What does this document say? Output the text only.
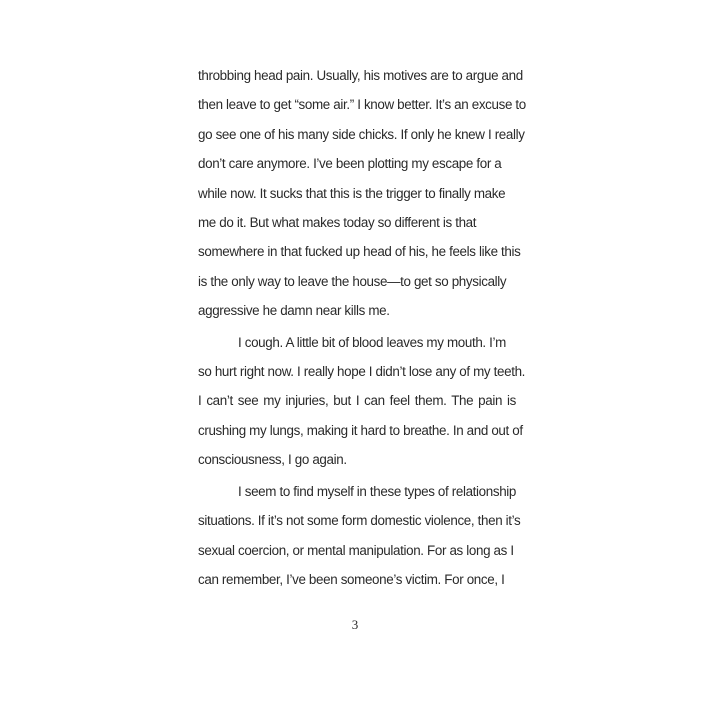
throbbing head pain. Usually, his motives are to argue and
then leave to get “some air.” I know better. It’s an excuse to
go see one of his many side chicks. If only he knew I really
don’t care anymore. I’ve been plotting my escape for a
while now. It sucks that this is the trigger to finally make
me do it. But what makes today so different is that
somewhere in that fucked up head of his, he feels like this
is the only way to leave the house—to get so physically
aggressive he damn near kills me.
I cough. A little bit of blood leaves my mouth. I’m
so hurt right now. I really hope I didn’t lose any of my teeth.
I can’t see my injuries, but I can feel them. The pain is
crushing my lungs, making it hard to breathe. In and out of
consciousness, I go again.
I seem to find myself in these types of relationship
situations. If it’s not some form domestic violence, then it’s
sexual coercion, or mental manipulation. For as long as I
can remember, I’ve been someone’s victim. For once, I
3
